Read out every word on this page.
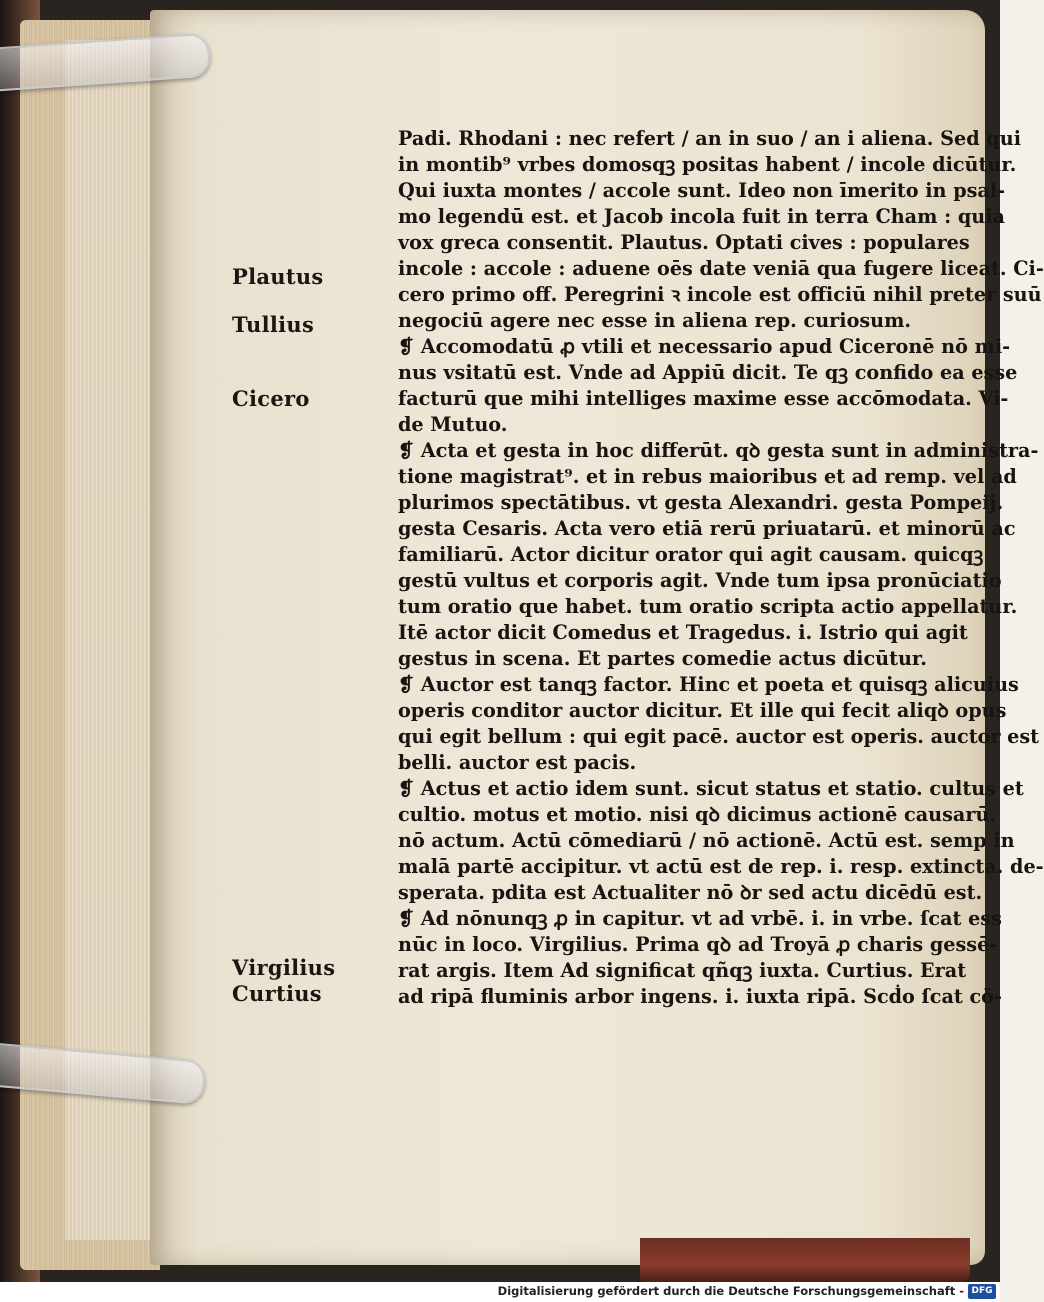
Plautus
Tullius
Cicero
Virgilius
Curtius
Padi. Rhodani : nec refert / an in suo / an i aliena. Sed qui
in montib⁹ vrbes domosqꝫ positas habent / incole dicūtur.
Qui iuxta montes / accole sunt. Ideo non īmerito in psal-
mo legendū est. et Jacob incola fuit in terra Cham : quia
vox greca consentit. Plautus. Optati cives : populares
incole : accole : aduene oēs date veniā qua fugere liceat. Ci-
cero primo off. Peregrini ꝛ incole est officiū nihil preter suū
negociū agere nec esse in aliena rep. curiosum.
❡ Accomodatū ꝓ vtili et necessario apud Ciceronē nō mi-
nus vsitatū est. Vnde ad Appiū dicit. Te qꝫ confido ea esse
facturū que mihi intelliges maxime esse accōmodata. Vi-
de Mutuo.
❡ Acta et gesta in hoc differūt. qꝺ gesta sunt in administra-
tione magistrat⁹. et in rebus maioribus et ad remp. vel ad
plurimos spectātibus. vt gesta Alexandri. gesta Pompeij.
gesta Cesaris. Acta vero etiā rerū priuatarū. et minorū ac
familiarū. Actor dicitur orator qui agit causam. quicqꝫ
gestū vultus et corporis agit. Vnde tum ipsa pronūciatio
tum oratio que habet. tum oratio scripta actio appellatur.
Itē actor dicit Comedus et Tragedus. i. Istrio qui agit
gestus in scena. Et partes comedie actus dicūtur.
❡ Auctor est tanqꝫ factor. Hinc et poeta et quisqꝫ alicuius
operis conditor auctor dicitur. Et ille qui fecit aliqꝺ opus
qui egit bellum : qui egit pacē. auctor est operis. auctor est
belli. auctor est pacis.
❡ Actus et actio idem sunt. sicut status et statio. cultus et
cultio. motus et motio. nisi qꝺ dicimus actionē causarū.
nō actum. Actū cōmediarū / nō actionē. Actū est. semp in
malā partē accipitur. vt actū est de rep. i. resp. extincta. de-
sperata. pdita est Actualiter nō ꝺr sed actu dicēdū est.
❡ Ad nōnunqꝫ ꝓ in capitur. vt ad vrbē. i. in vrbe. ſcat ess
nūc in loco. Virgilius. Prima qꝺ ad Troyā ꝓ charis gessē-
rat argis. Item Ad significat qñqꝫ iuxta. Curtius. Erat
ad ripā fluminis arbor ingens. i. iuxta ripā. Scḋo ſcat cō-
Digitalisierung gefördert durch die Deutsche Forschungsgemeinschaft - DFG
